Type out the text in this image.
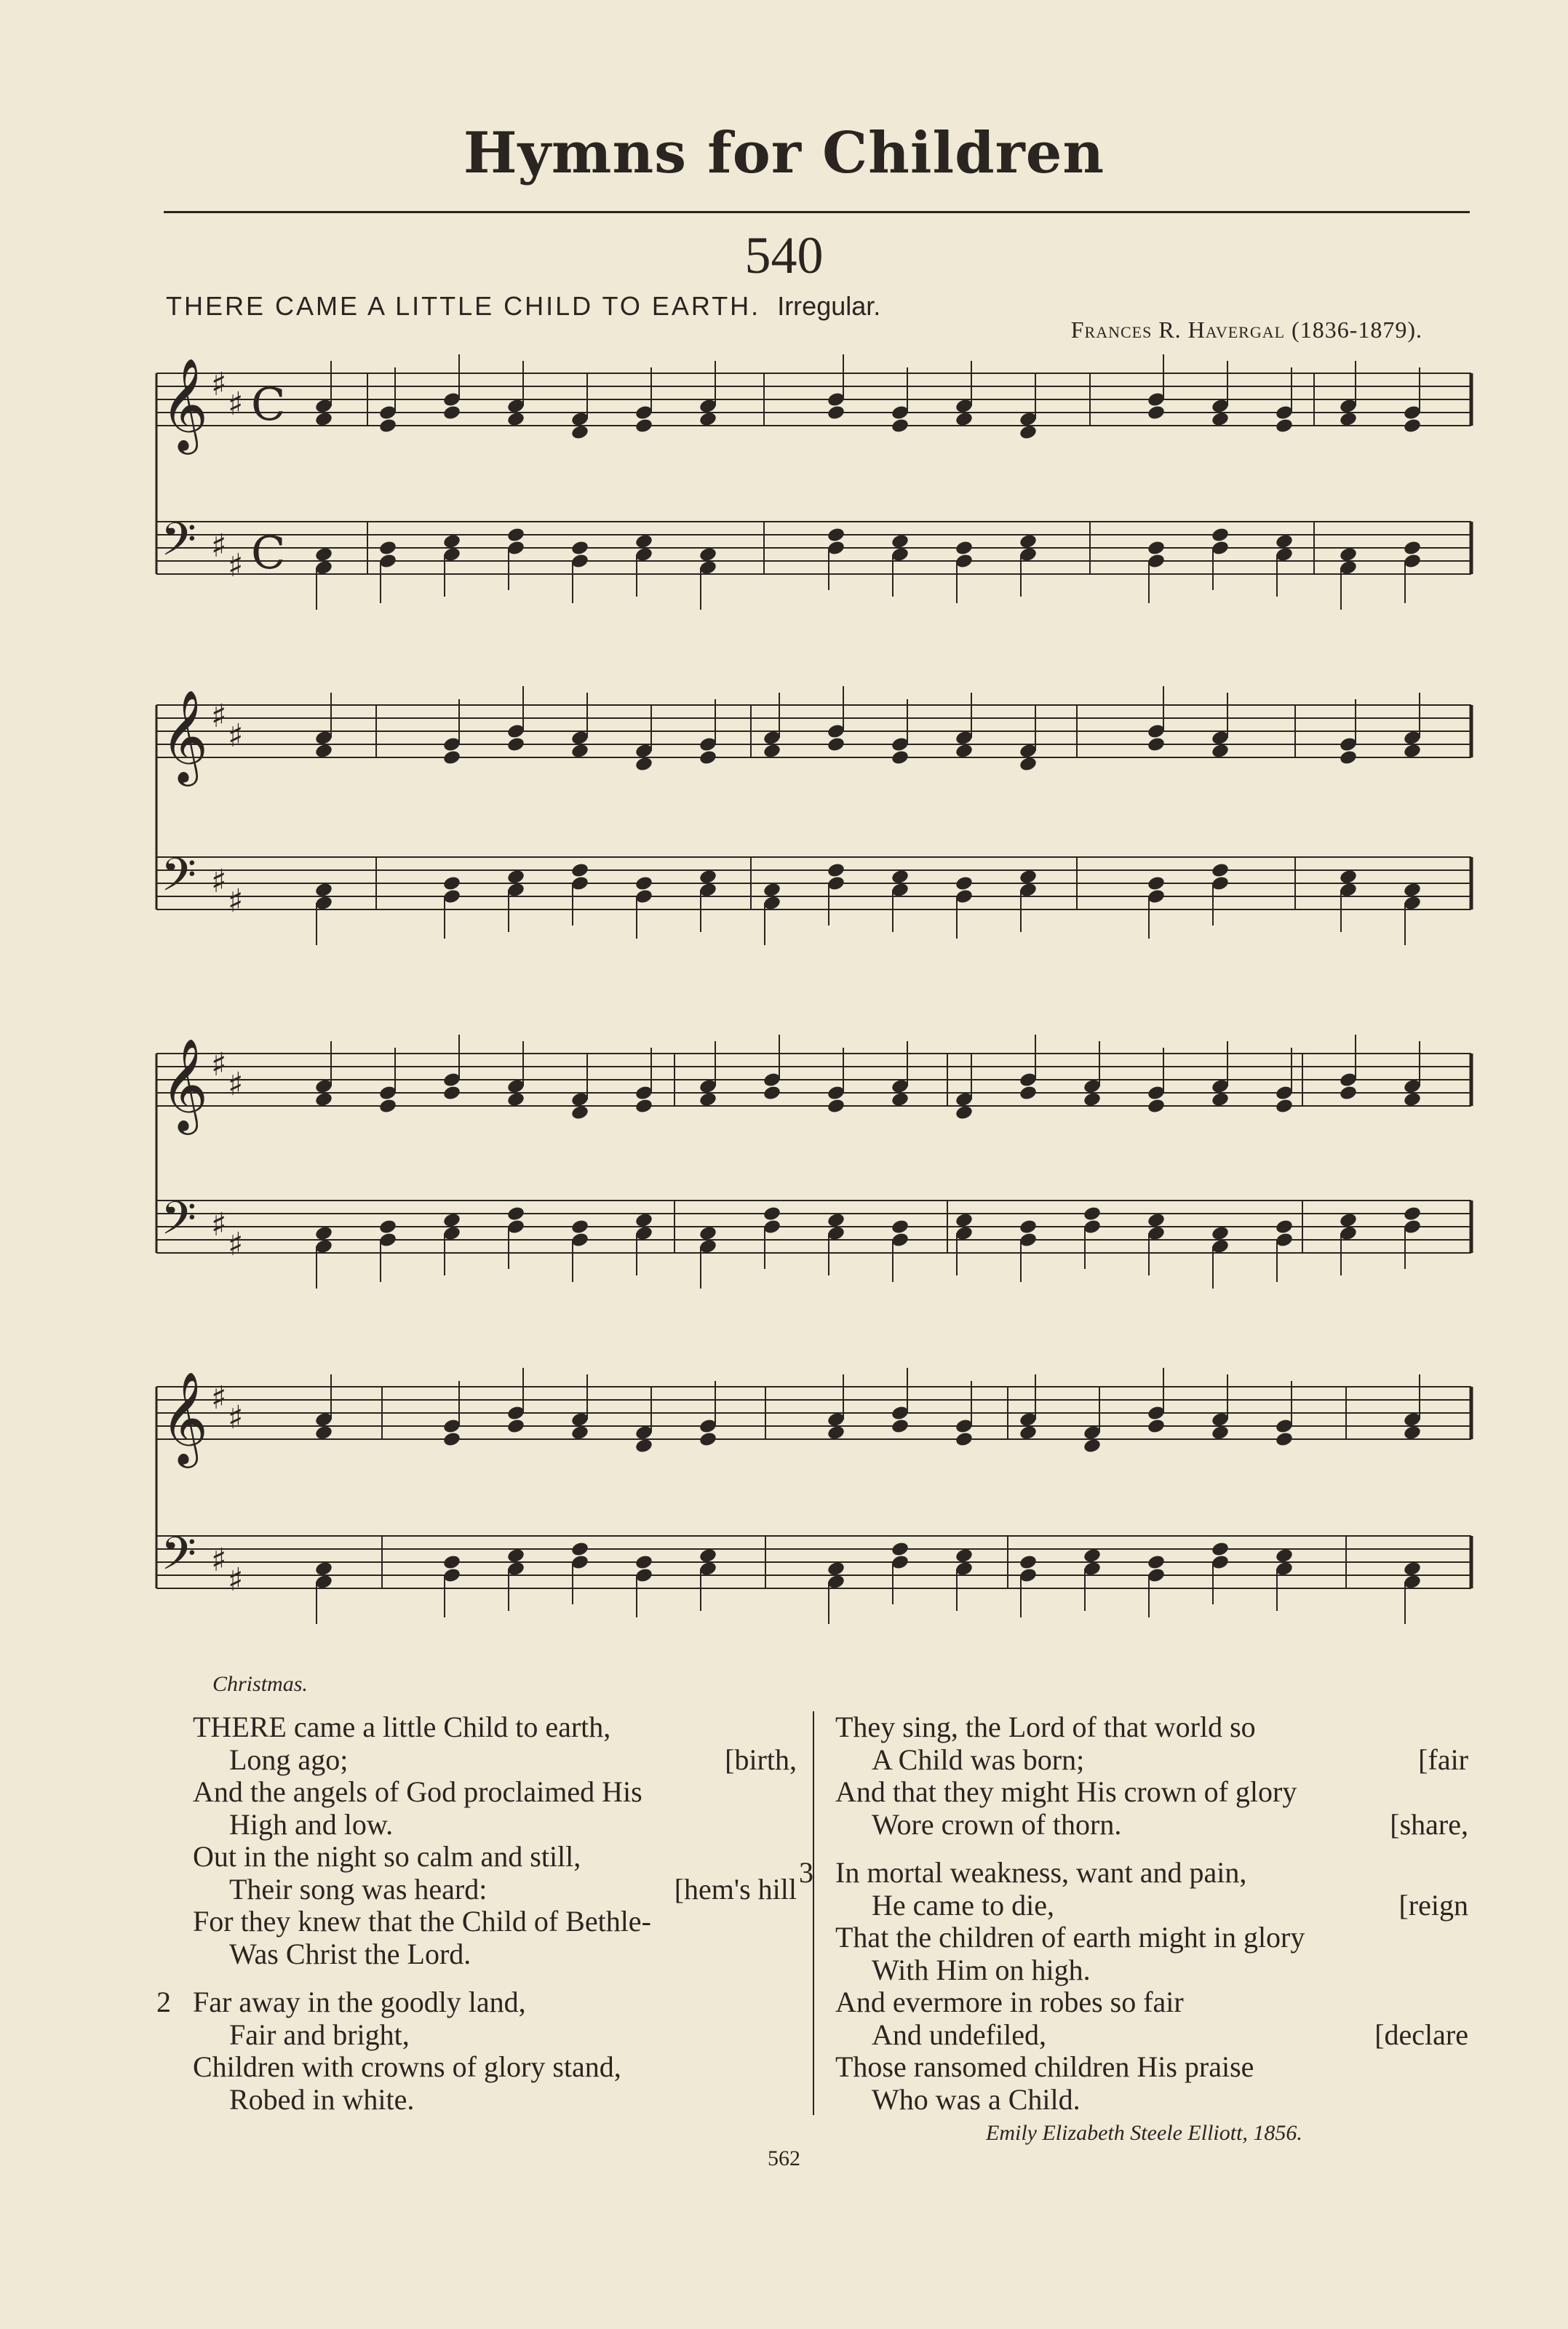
Hymns for Children
540
THERE CAME A LITTLE CHILD TO EARTH. Irregular.
Frances R. Havergal (1836-1879).
𝄞 ♯
♯ C
𝄢 ♯
♯ C
𝄞 ♯
♯
𝄢 ♯
♯
𝄞 ♯
♯
𝄢 ♯
♯
𝄞 ♯
♯
𝄢 ♯
♯
Christmas.
THERE came a little Child to earth,
Long ago;	[birth,
And the angels of God proclaimed His
High and low.
Out in the night so calm and still,
Their song was heard:	[hem's hill
For they knew that the Child of Bethle-
Was Christ the Lord.
2 Far away in the goodly land,
Fair and bright,
Children with crowns of glory stand,
Robed in white.
They sing, the Lord of that world so
A Child was born;	[fair
And that they might His crown of glory
Wore crown of thorn.	[share,
3 In mortal weakness, want and pain,
He came to die,	[reign
That the children of earth might in glory
With Him on high.
And evermore in robes so fair
And undefiled,	[declare
Those ransomed children His praise
Who was a Child.
Emily Elizabeth Steele Elliott, 1856.
562
